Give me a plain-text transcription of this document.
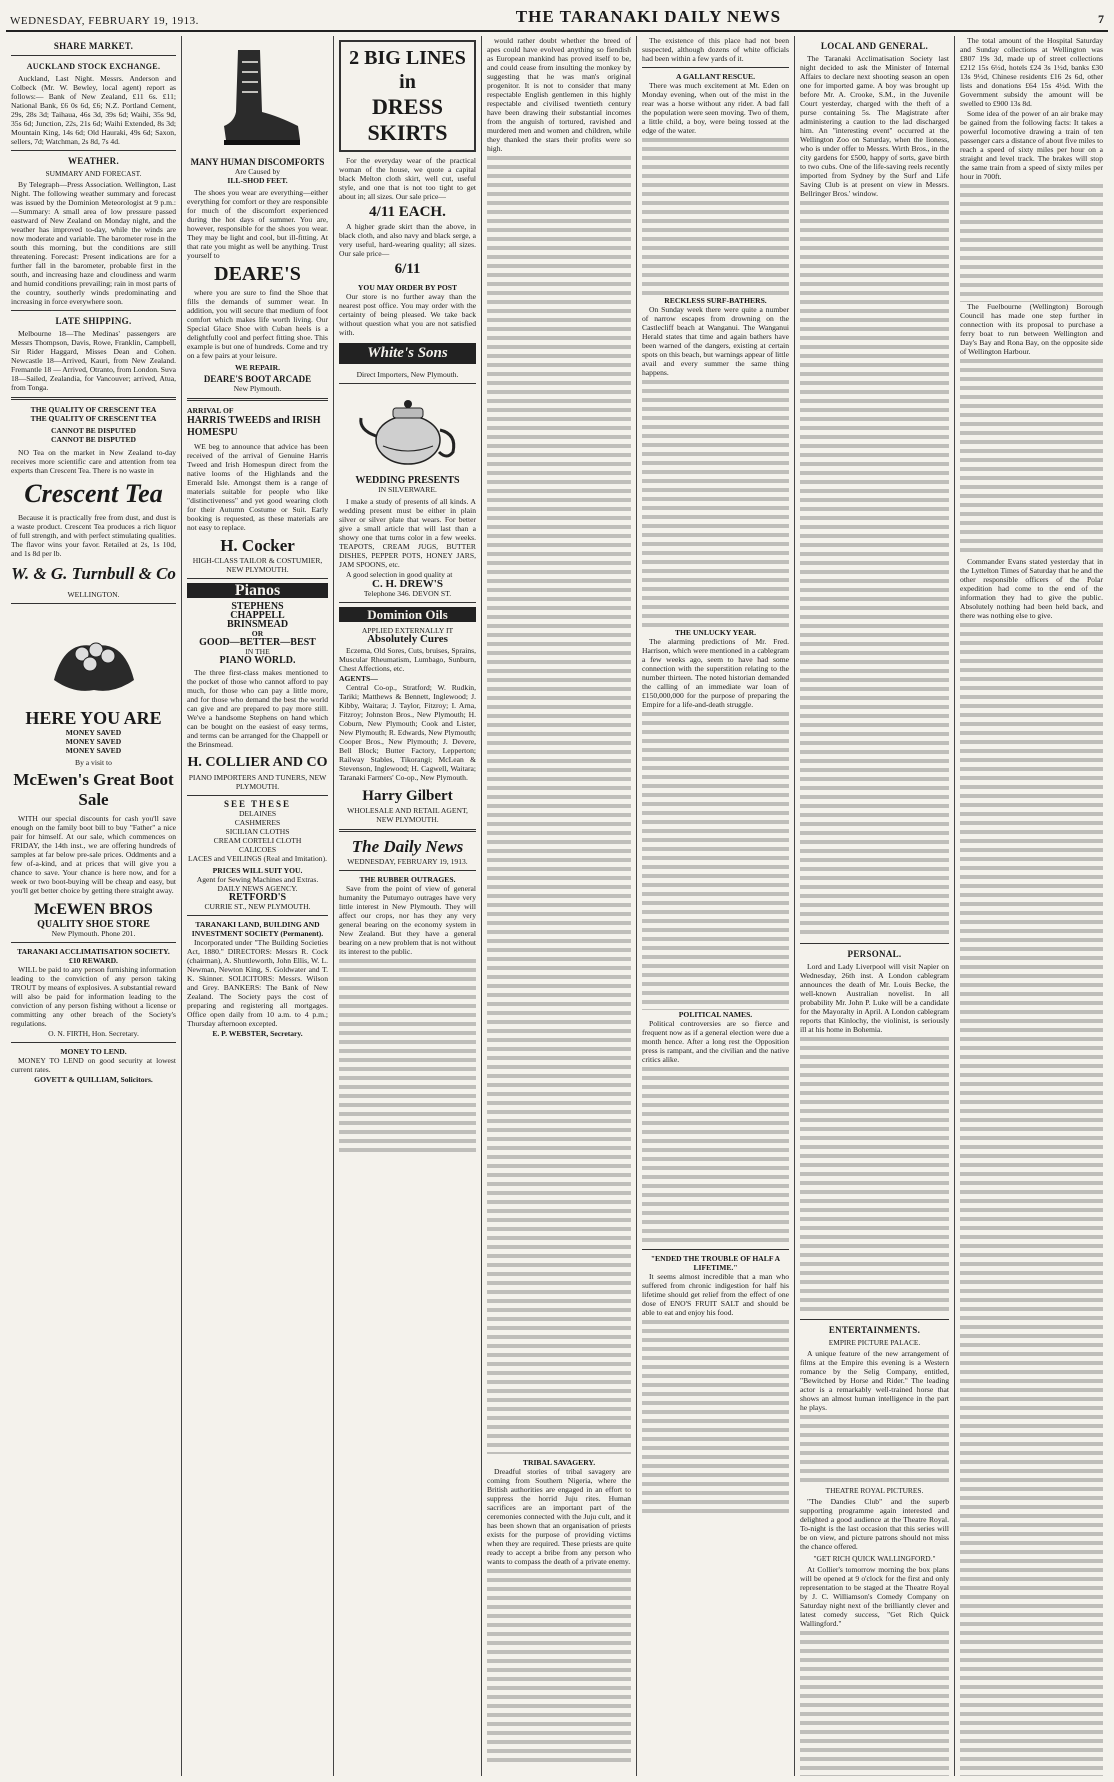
WEDNESDAY, FEBRUARY 19, 1913.	THE TARANAKI DAILY NEWS	7
SHARE MARKET.
AUCKLAND STOCK EXCHANGE.

Auckland, Last Night. Messrs. Anderson and Colbeck (Mr. W. Bewley, local agent) report as follows:— Bank of New Zealand, £11 6s. £11; National Bank, £6 0s 6d, £6; N.Z. Portland Cement, 29s, 28s 3d; Taihaua, 46s 3d, 39s 6d; Waihi, 35s 9d, 35s 6d; Junction, 22s, 21s 6d; Waihi Extended, 8s 3d; Mountain King, 14s 6d; Old Hauraki, 49s 6d; Saxon, sellers, 7d; Watchman, 2s 8d, 7s 4d.

WEATHER.
SUMMARY AND FORECAST.

By Telegraph—Press Association. Wellington, Last Night. The following weather summary and forecast was issued by the Dominion Meteorologist at 9 p.m.:—Summary: A small area of low pressure passed eastward of New Zealand on Monday night, and the weather has improved to-day, while the winds are now moderate and variable. The barometer rose in the south this morning, but the conditions are still threatening. Forecast: Present indications are for a further fall in the barometer, probable first in the south, and increasing haze and cloudiness and warm and humid conditions prevailing; rain in most parts of the country, southerly winds predominating and increasing in force everywhere soon.

LATE SHIPPING.

Melbourne 18—The Medinas' passengers are Messrs Thompson, Davis, Rowe, Franklin, Campbell, Sir Rider Haggard, Misses Dean and Cohen. Newcastle 18—Arrived, Kauri, from New Zealand. Fremantle 18 — Arrived, Otranto, from London. Suva 18—Sailed, Zealandia, for Vancouver; arrived, Atua, from Tonga.

THE QUALITY OF CRESCENT TEA
THE QUALITY OF CRESCENT TEA
CANNOT BE DISPUTED
CANNOT BE DISPUTED

NO Tea on the market in New Zealand to-day receives more scientific care and attention from tea experts than Crescent Tea. There is no waste in

Crescent Tea

Because it is practically free from dust, and dust is a waste product. Crescent Tea produces a rich liquor of full strength, and with perfect stimulating qualities. The flavor wins your favor. Retailed at 2s, 1s 10d, and 1s 8d per lb.

W. & G. Turnbull & Co
WELLINGTON.
HERE YOU ARE
MONEY SAVED
MONEY SAVED
MONEY SAVED
By a visit to
McEwen's Great Boot Sale

WITH our special discounts for cash you'll save enough on the family boot bill to buy "Father" a nice pair for himself. At our sale, which commences on FRIDAY, the 14th inst., we are offering hundreds of samples at far below pre-sale prices. Oddments and a few of-a-kind, and at prices that will give you a chance to save. Your chance is here now, and for a week or two boot-buying will be cheap and easy, but you'll get better choice by getting there straight away.

McEWEN BROS
QUALITY SHOE STORE
New Plymouth. Phone 201.
TARANAKI ACCLIMATISATION SOCIETY.
£10 REWARD.

WILL be paid to any person furnishing information leading to the conviction of any person taking TROUT by means of explosives. A substantial reward will also be paid for information leading to the conviction of any person fishing without a license or committing any other breach of the Society's regulations.

O. N. FIRTH, Hon. Secretary.
MONEY TO LEND.

MONEY TO LEND on good security at lowest current rates.

GOVETT & QUILLIAM, Solicitors.
MANY HUMAN DISCOMFORTS
Are Caused by
ILL-SHOD FEET.

The shoes you wear are everything—either everything for comfort or they are responsible for much of the discomfort experienced during the hot days of summer. You are, however, responsible for the shoes you wear. They may be light and cool, but ill-fitting. At that rate you might as well be anything. Trust yourself to

DEARE'S

where you are sure to find the Shoe that fills the demands of summer wear. In addition, you will secure that medium of foot comfort which makes life worth living. Our Special Glace Shoe with Cuban heels is a delightfully cool and perfect fitting shoe. This example is but one of hundreds. Come and try on a few pairs at your leisure.

WE REPAIR.
DEARE'S BOOT ARCADE
New Plymouth.
ARRIVAL OF
HARRIS TWEEDS and IRISH HOMESPU

WE beg to announce that advice has been received of the arrival of Genuine Harris Tweed and Irish Homespun direct from the native looms of the Highlands and the Emerald Isle. Amongst them is a range of materials suitable for people who like "distinctiveness" and yet good wearing cloth for their Autumn Costume or Suit. Early booking is requested, as these materials are not easy to replace.

H. Cocker
HIGH-CLASS TAILOR & COSTUMIER, NEW PLYMOUTH.
Pianos
STEPHENS
CHAPPELL
BRINSMEAD
OR
GOOD—BETTER—BEST
IN THE
PIANO WORLD.

The three first-class makes mentioned to the pocket of those who cannot afford to pay much, for those who can pay a little more, and for those who demand the best the world can give and are prepared to pay more still. We've a handsome Stephens on hand which can be bought on the easiest of easy terms, and terms can be arranged for the Chappell or the Brinsmead.

H. COLLIER AND CO
PIANO IMPORTERS AND TUNERS, NEW PLYMOUTH.
SEE THESE
DELAINES
CASHMERES
SICILIAN CLOTHS
CREAM CORTELI CLOTH
CALICOES
LACES and VEILINGS (Real and Imitation).
PRICES WILL SUIT YOU.
Agent for Sewing Machines and Extras.
DAILY NEWS AGENCY.
RETFORD'S
CURRIE ST., NEW PLYMOUTH.
TARANAKI LAND, BUILDING AND INVESTMENT SOCIETY (Permanent).

Incorporated under "The Building Societies Act, 1880." DIRECTORS: Messrs R. Cock (chairman), A. Shuttleworth, John Ellis, W. L. Newman, Newton King, S. Goldwater and T. K. Skinner. SOLICITORS: Messrs. Wilson and Grey. BANKERS: The Bank of New Zealand. The Society pays the cost of preparing and registering all mortgages. Office open daily from 10 a.m. to 4 p.m.; Thursday afternoon excepted.

E. P. WEBSTER, Secretary.
2 BIG LINES in
DRESS SKIRTS

For the everyday wear of the practical woman of the house, we quote a capital black Melton cloth skirt, well cut, useful style, and one that is not too tight to get about in; all sizes. Our sale price—

4/11 EACH.

A higher grade skirt than the above, in black cloth, and also navy and black serge, a very useful, hard-wearing quality; all sizes. Our sale price—

6/11
YOU MAY ORDER BY POST

Our store is no further away than the nearest post office. You may order with the certainty of being pleased. We take back without question what you are not satisfied with.

White's Sons
Direct Importers, New Plymouth.
WEDDING PRESENTS
IN SILVERWARE.

I make a study of presents of all kinds. A wedding present must be either in plain silver or silver plate that wears. For better give a small article that will last than a showy one that turns color in a few weeks. TEAPOTS, CREAM JUGS, BUTTER DISHES, PEPPER POTS, HONEY JARS, JAM SPOONS, etc.

A good selection in good quality at

C. H. DREW'S
Telephone 346. DEVON ST.
Dominion Oils
APPLIED EXTERNALLY IT
Absolutely Cures

Eczema, Old Sores, Cuts, bruises, Sprains, Muscular Rheumatism, Lumbago, Sunburn, Chest Affections, etc.

AGENTS—

Central Co-op., Stratford; W. Rudkin, Tariki; Matthews & Bennett, Inglewood; J. Kibby, Waitara; J. Taylor, Fitzroy; I. Arna, Fitzroy; Johnston Bros., New Plymouth; H. Coburn, New Plymouth; Cook and Lister, New Plymouth; R. Edwards, New Plymouth; Cooper Bros., New Plymouth; J. Devere, Bell Block; Butter Factory, Lepperton; Railway Stables, Tikorangi; McLean & Stevenson, Inglewood; H. Cagwell, Waitara; Taranaki Farmers' Co-op., New Plymouth.

Harry Gilbert
WHOLESALE AND RETAIL AGENT, NEW PLYMOUTH.
The Daily News
WEDNESDAY, FEBRUARY 19, 1913.
THE RUBBER OUTRAGES.

Save from the point of view of general humanity the Putumayo outrages have very little interest in New Plymouth. They will affect our crops, nor has they any very general bearing on the economy system in New Zealand. But they have a general bearing on a new problem that is not without its interest to the public.

would rather doubt whether the breed of apes could have evolved anything so fiendish as European mankind has proved itself to be, and could cease from insulting the monkey by suggesting that he was man's original progenitor. It is not to consider that many respectable English gentlemen in this highly respectable and civilised twentieth century have been drawing their substantial incomes from the anguish of tortured, ravished and murdered men and women and children, while they thanked the stars their profits were so high.

TRIBAL SAVAGERY.

Dreadful stories of tribal savagery are coming from Southern Nigeria, where the British authorities are engaged in an effort to suppress the horrid Juju rites. Human sacrifices are an important part of the ceremonies connected with the Juju cult, and it has been shown that an organisation of priests exists for the purpose of providing victims when they are required. These priests are quite ready to accept a bribe from any person who wants to compass the death of a private enemy.

The existence of this place had not been suspected, although dozens of white officials had been within a few yards of it.

A GALLANT RESCUE.

There was much excitement at Mt. Eden on Monday evening, when out of the mist in the rear was a horse without any rider. A bad fall the population were seen moving. Two of them, a little child, a boy, were being tossed at the edge of the water.

RECKLESS SURF-BATHERS.

On Sunday week there were quite a number of narrow escapes from drowning on the Castlecliff beach at Wanganui. The Wanganui Herald states that time and again bathers have been warned of the dangers, existing at certain spots on this beach, but warnings appear of little avail and every summer the same thing happens.

THE UNLUCKY YEAR.

The alarming predictions of Mr. Fred. Harrison, which were mentioned in a cablegram a few weeks ago, seem to have had some connection with the superstition relating to the number thirteen. The noted historian demanded the calling of an immediate war loan of £150,000,000 for the purpose of preparing the Empire for a life-and-death struggle.

POLITICAL NAMES.

Political controversies are so fierce and frequent now as if a general election were due a month hence. After a long rest the Opposition press is rampant, and the civilian and the native critics alike.

"ENDED THE TROUBLE OF HALF A LIFETIME."

It seems almost incredible that a man who suffered from chronic indigestion for half his lifetime should get relief from the effect of one dose of ENO'S FRUIT SALT and should be able to eat and enjoy his food.

LOCAL AND GENERAL.

The Taranaki Acclimatisation Society last night decided to ask the Minister of Internal Affairs to declare next shooting season an open one for imported game. A boy was brought up before Mr. A. Crooke, S.M., in the Juvenile Court yesterday, charged with the theft of a purse containing 5s. The Magistrate after administering a caution to the lad discharged him. An "interesting event" occurred at the Wellington Zoo on Saturday, when the lioness, who is under offer to Messrs. Wirth Bros., in the city gardens for £500, happy of sorts, gave birth to two cubs. One of the life-saving reels recently imported from Sydney by the Surf and Life Saving Club is at present on view in Messrs. Bellringer Bros.' window.

PERSONAL.

Lord and Lady Liverpool will visit Napier on Wednesday, 26th inst. A London cablegram announces the death of Mr. Louis Becke, the well-known Australian novelist. In all probability Mr. John P. Luke will be a candidate for the Mayoralty in April. A London cablegram reports that Kinlochy, the violinist, is seriously ill at his home in Bohemia.

ENTERTAINMENTS.
EMPIRE PICTURE PALACE.

A unique feature of the new arrangement of films at the Empire this evening is a Western romance by the Selig Company, entitled, "Bewitched by Horse and Rider." The leading actor is a remarkably well-trained horse that shows an almost human intelligence in the part he plays.

THEATRE ROYAL PICTURES.

"The Dandies Club" and the superb supporting programme again interested and delighted a good audience at the Theatre Royal. To-night is the last occasion that this series will be on view, and picture patrons should not miss the chance offered.

"GET RICH QUICK WALLINGFORD."

At Collier's tomorrow morning the box plans will be opened at 9 o'clock for the first and only representation to be staged at the Theatre Royal by J. C. Williamson's Comedy Company on Saturday night next of the brilliantly clever and latest comedy success, "Get Rich Quick Wallingford."

The total amount of the Hospital Saturday and Sunday collections at Wellington was £807 19s 3d, made up of street collections £212 15s 6½d, hotels £24 3s 1½d, banks £30 13s 9½d, Chinese residents £16 2s 6d, other lists and donations £64 15s 4½d. With the Government subsidy the amount will be swelled to £900 13s 8d.

Some idea of the power of an air brake may be gained from the following facts: It takes a powerful locomotive drawing a train of ten passenger cars a distance of about five miles to reach a speed of sixty miles per hour on a straight and level track. The brakes will stop the same train from a speed of sixty miles per hour in 700ft.

The Fuelbourne (Wellington) Borough Council has made one step further in connection with its proposal to purchase a ferry boat to run between Wellington and Day's Bay and Rona Bay, on the opposite side of Wellington Harbour.

Commander Evans stated yesterday that in the Lyttelton Times of Saturday that he and the other responsible officers of the Polar expedition had come to the end of the information they had to give the public. Absolutely nothing had been held back, and there was nothing else to give.
